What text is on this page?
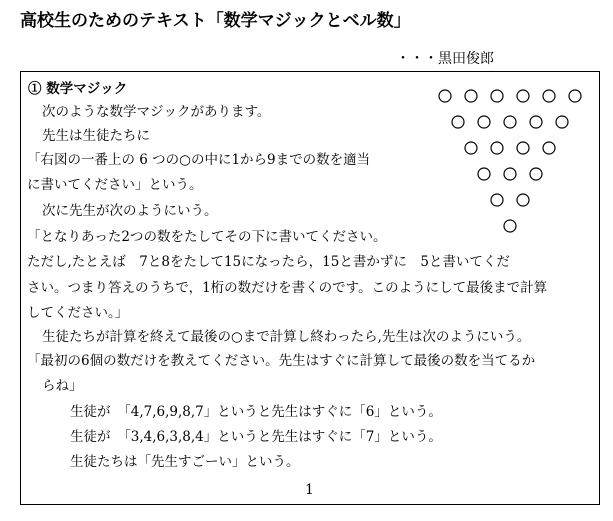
高校生のためのテキスト「数学マジックとベル数」
・・・黒田俊郎
① 数学マジック
次のような数学マジックがあります。
先生は生徒たちに
「右図の一番上の 6 つの○の中に1から9までの数を適当
に書いてください」という。
次に先生が次のようにいう。
「となりあった2つの数をたしてその下に書いてください。
ただし,たとえば　7と8をたして15になったら，15と書かずに　5と書いてくだ
さい。つまり答えのうちで，1桁の数だけを書くのです。このようにして最後まで計算
してください。」
生徒たちが計算を終えて最後の○まで計算し終わったら,先生は次のようにいう。
「最初の6個の数だけを教えてください。先生はすぐに計算して最後の数を当てるか
らね」
生徒が　「4,7,6,9,8,7」というと先生はすぐに「6」という。
生徒が　「3,4,6,3,8,4」というと先生はすぐに「7」という。
生徒たちは「先生すごーい」という。
1
